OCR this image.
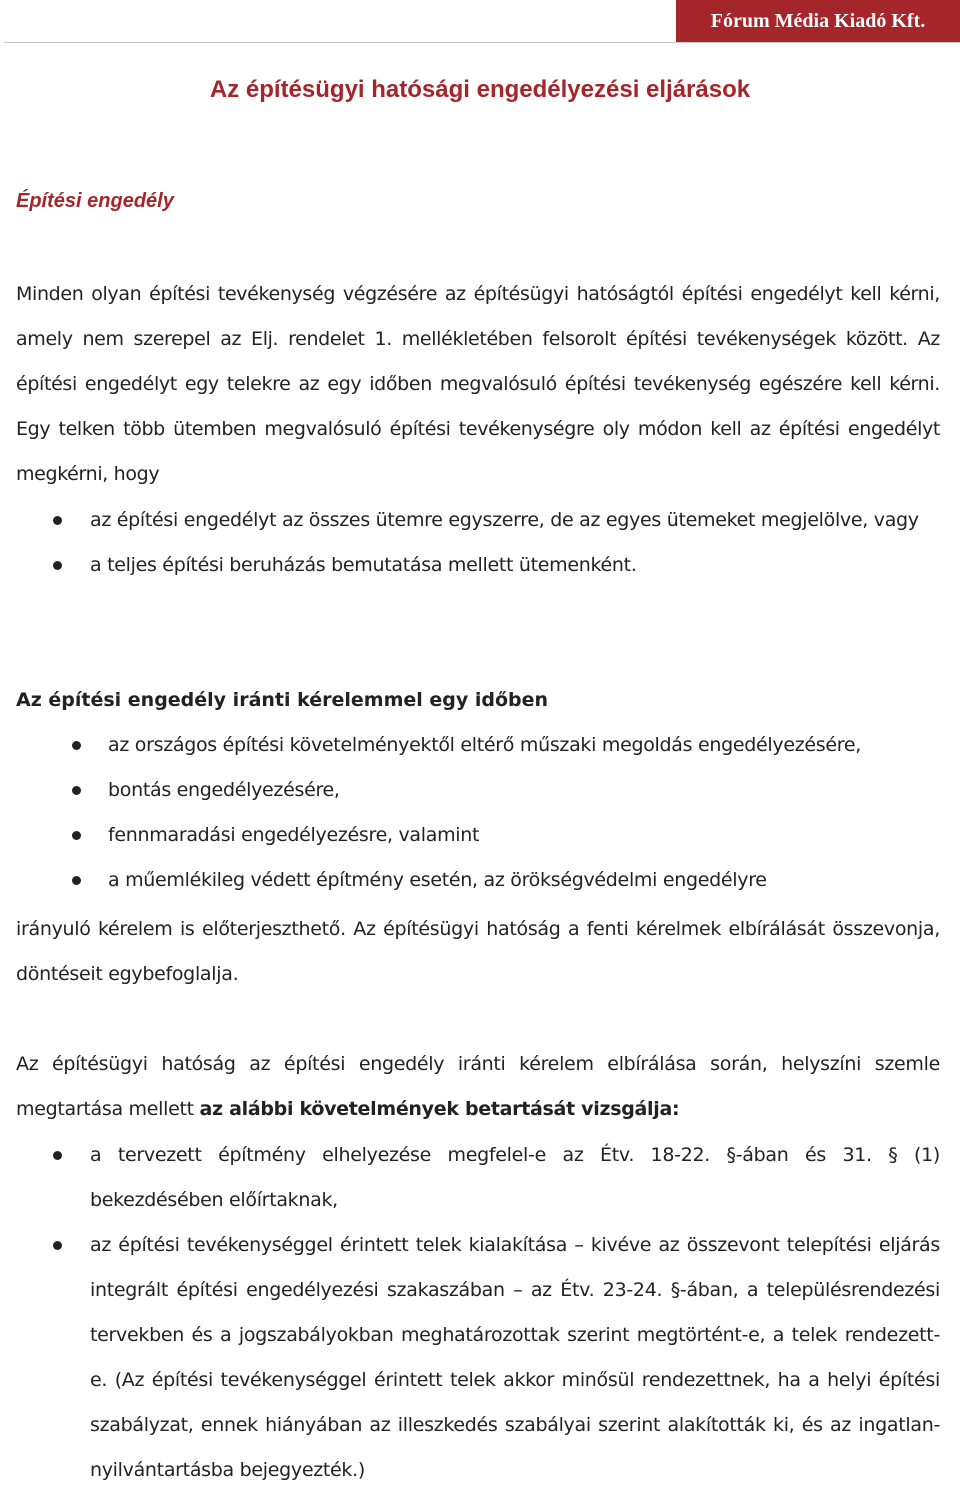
Fórum Média Kiadó Kft.
Az építésügyi hatósági engedélyezési eljárások
Építési engedély

Minden olyan építési tevékenység végzésére az építésügyi hatóságtól építési engedélyt kell kérni, amely nem szerepel az Elj. rendelet 1. mellékletében felsorolt építési tevékenységek között. Az építési engedélyt egy telekre az egy időben megvalósuló építési tevékenység egészére kell kérni. Egy telken több ütemben megvalósuló építési tevékenységre oly módon kell az építési engedélyt megkérni, hogy

az építési engedélyt az összes ütemre egyszerre, de az egyes ütemeket megjelölve, vagy
a teljes építési beruházás bemutatása mellett ütemenként.

Az építési engedély iránti kérelemmel egy időben

az országos építési követelményektől eltérő műszaki megoldás engedélyezésére,
bontás engedélyezésére,
fennmaradási engedélyezésre, valamint
a műemlékileg védett építmény esetén, az örökségvédelmi engedélyre

irányuló kérelem is előterjeszthető. Az építésügyi hatóság a fenti kérelmek elbírálását összevonja, döntéseit egybefoglalja.

Az építésügyi hatóság az építési engedély iránti kérelem elbírálása során, helyszíni szemle megtartása mellett az alábbi követelmények betartását vizsgálja:

a tervezett építmény elhelyezése megfelel-e az Étv. 18-22. §-ában és 31. § (1) bekezdésében előírtaknak,
az építési tevékenységgel érintett telek kialakítása – kivéve az összevont telepítési eljárás integrált építési engedélyezési szakaszában – az Étv. 23-24. §-ában, a településrendezési tervekben és a jogszabályokban meghatározottak szerint megtörtént-e, a telek rendezett-e. (Az építési tevékenységgel érintett telek akkor minősül rendezettnek, ha a helyi építési szabályzat, ennek hiányában az illeszkedés szabályai szerint alakították ki, és az ingatlan-nyilvántartásba bejegyezték.)
